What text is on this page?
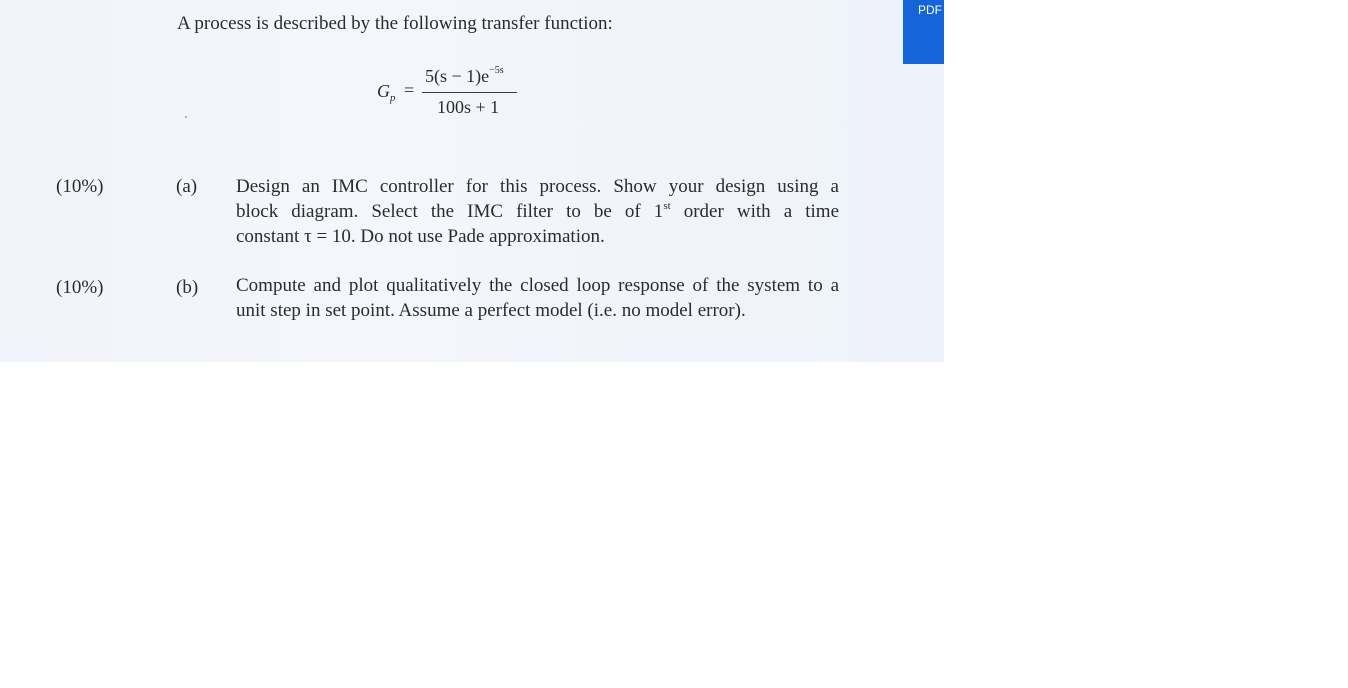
A process is described by the following transfer function:
$G_p$ =
$5(s - 1)e^{-5s}$
100s + 1
(10%)	(a) Design an IMC controller for this process. Show your design using a
block diagram. Select the IMC filter to be of 1st order with a time
constant τ = 10. Do not use Pade approximation.
(10%)	(b) Compute and plot qualitatively the closed loop response of the system to a
unit step in set point. Assume a perfect model (i.e. no model error).
PDF
